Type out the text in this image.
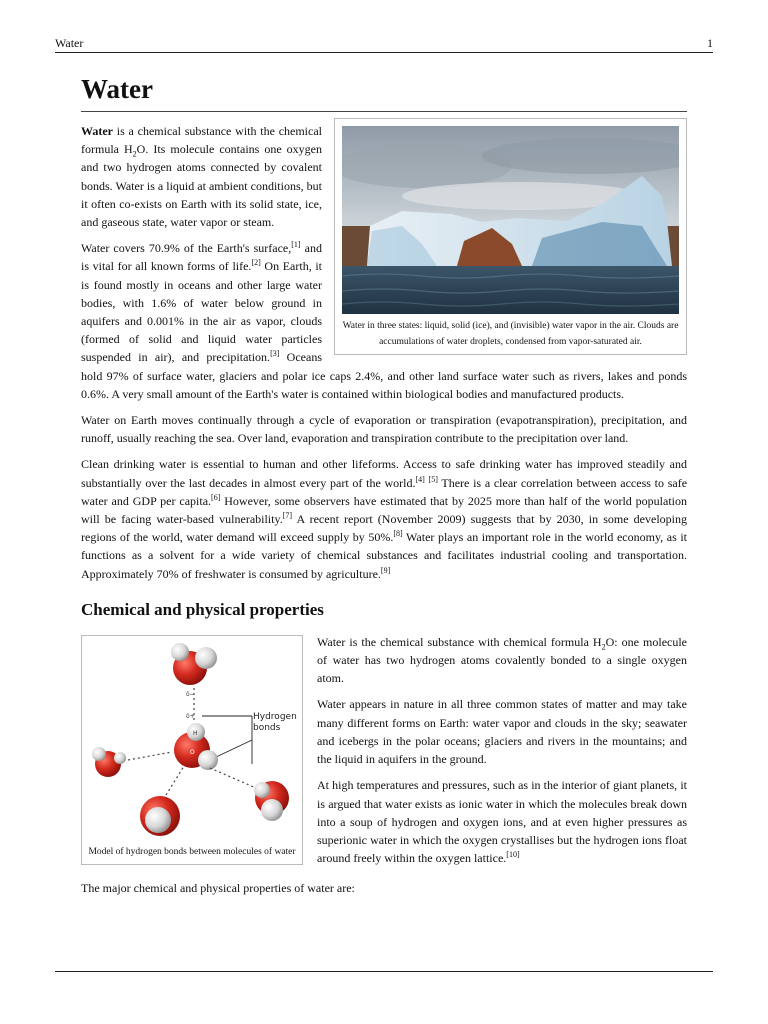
Water	1
Water
Water in three states: liquid, solid (ice), and (invisible) water vapor in the air. Clouds are accumulations of water droplets, condensed from vapor-saturated air.

Water is a chemical substance with the chemical formula $H_2O$. Its molecule contains one oxygen and two hydrogen atoms connected by covalent bonds. Water is a liquid at ambient conditions, but it often co-exists on Earth with its solid state, ice, and gaseous state, water vapor or steam.

Water covers 70.9% of the Earth's surface,[1] and is vital for all known forms of life.[2] On Earth, it is found mostly in oceans and other large water bodies, with 1.6% of water below ground in aquifers and 0.001% in the air as vapor, clouds (formed of solid and liquid water particles suspended in air), and precipitation.[3] Oceans hold 97% of surface water, glaciers and polar ice caps 2.4%, and other land surface water such as rivers, lakes and ponds 0.6%. A very small amount of the Earth's water is contained within biological bodies and manufactured products.

Water on Earth moves continually through a cycle of evaporation or transpiration (evapotranspiration), precipitation, and runoff, usually reaching the sea. Over land, evaporation and transpiration contribute to the precipitation over land.

Clean drinking water is essential to human and other lifeforms. Access to safe drinking water has improved steadily and substantially over the last decades in almost every part of the world.[4] [5] There is a clear correlation between access to safe water and GDP per capita.[6] However, some observers have estimated that by 2025 more than half of the world population will be facing water-based vulnerability.[7] A recent report (November 2009) suggests that by 2030, in some developing regions of the world, water demand will exceed supply by 50%.[8] Water plays an important role in the world economy, as it functions as a solvent for a wide variety of chemical substances and facilitates industrial cooling and transportation. Approximately 70% of freshwater is consumed by agriculture.[9]

Chemical and physical properties
δ−
δ+	Hydrogen
bonds
O
H
Model of hydrogen bonds between molecules of water

Water is the chemical substance with chemical formula $H_2O$: one molecule of water has two hydrogen atoms covalently bonded to a single oxygen atom.

Water appears in nature in all three common states of matter and may take many different forms on Earth: water vapor and clouds in the sky; seawater and icebergs in the polar oceans; glaciers and rivers in the mountains; and the liquid in aquifers in the ground.

At high temperatures and pressures, such as in the interior of giant planets, it is argued that water exists as ionic water in which the molecules break down into a soup of hydrogen and oxygen ions, and at even higher pressures as superionic water in which the oxygen crystallises but the hydrogen ions float around freely within the oxygen lattice.[10]

The major chemical and physical properties of water are:
